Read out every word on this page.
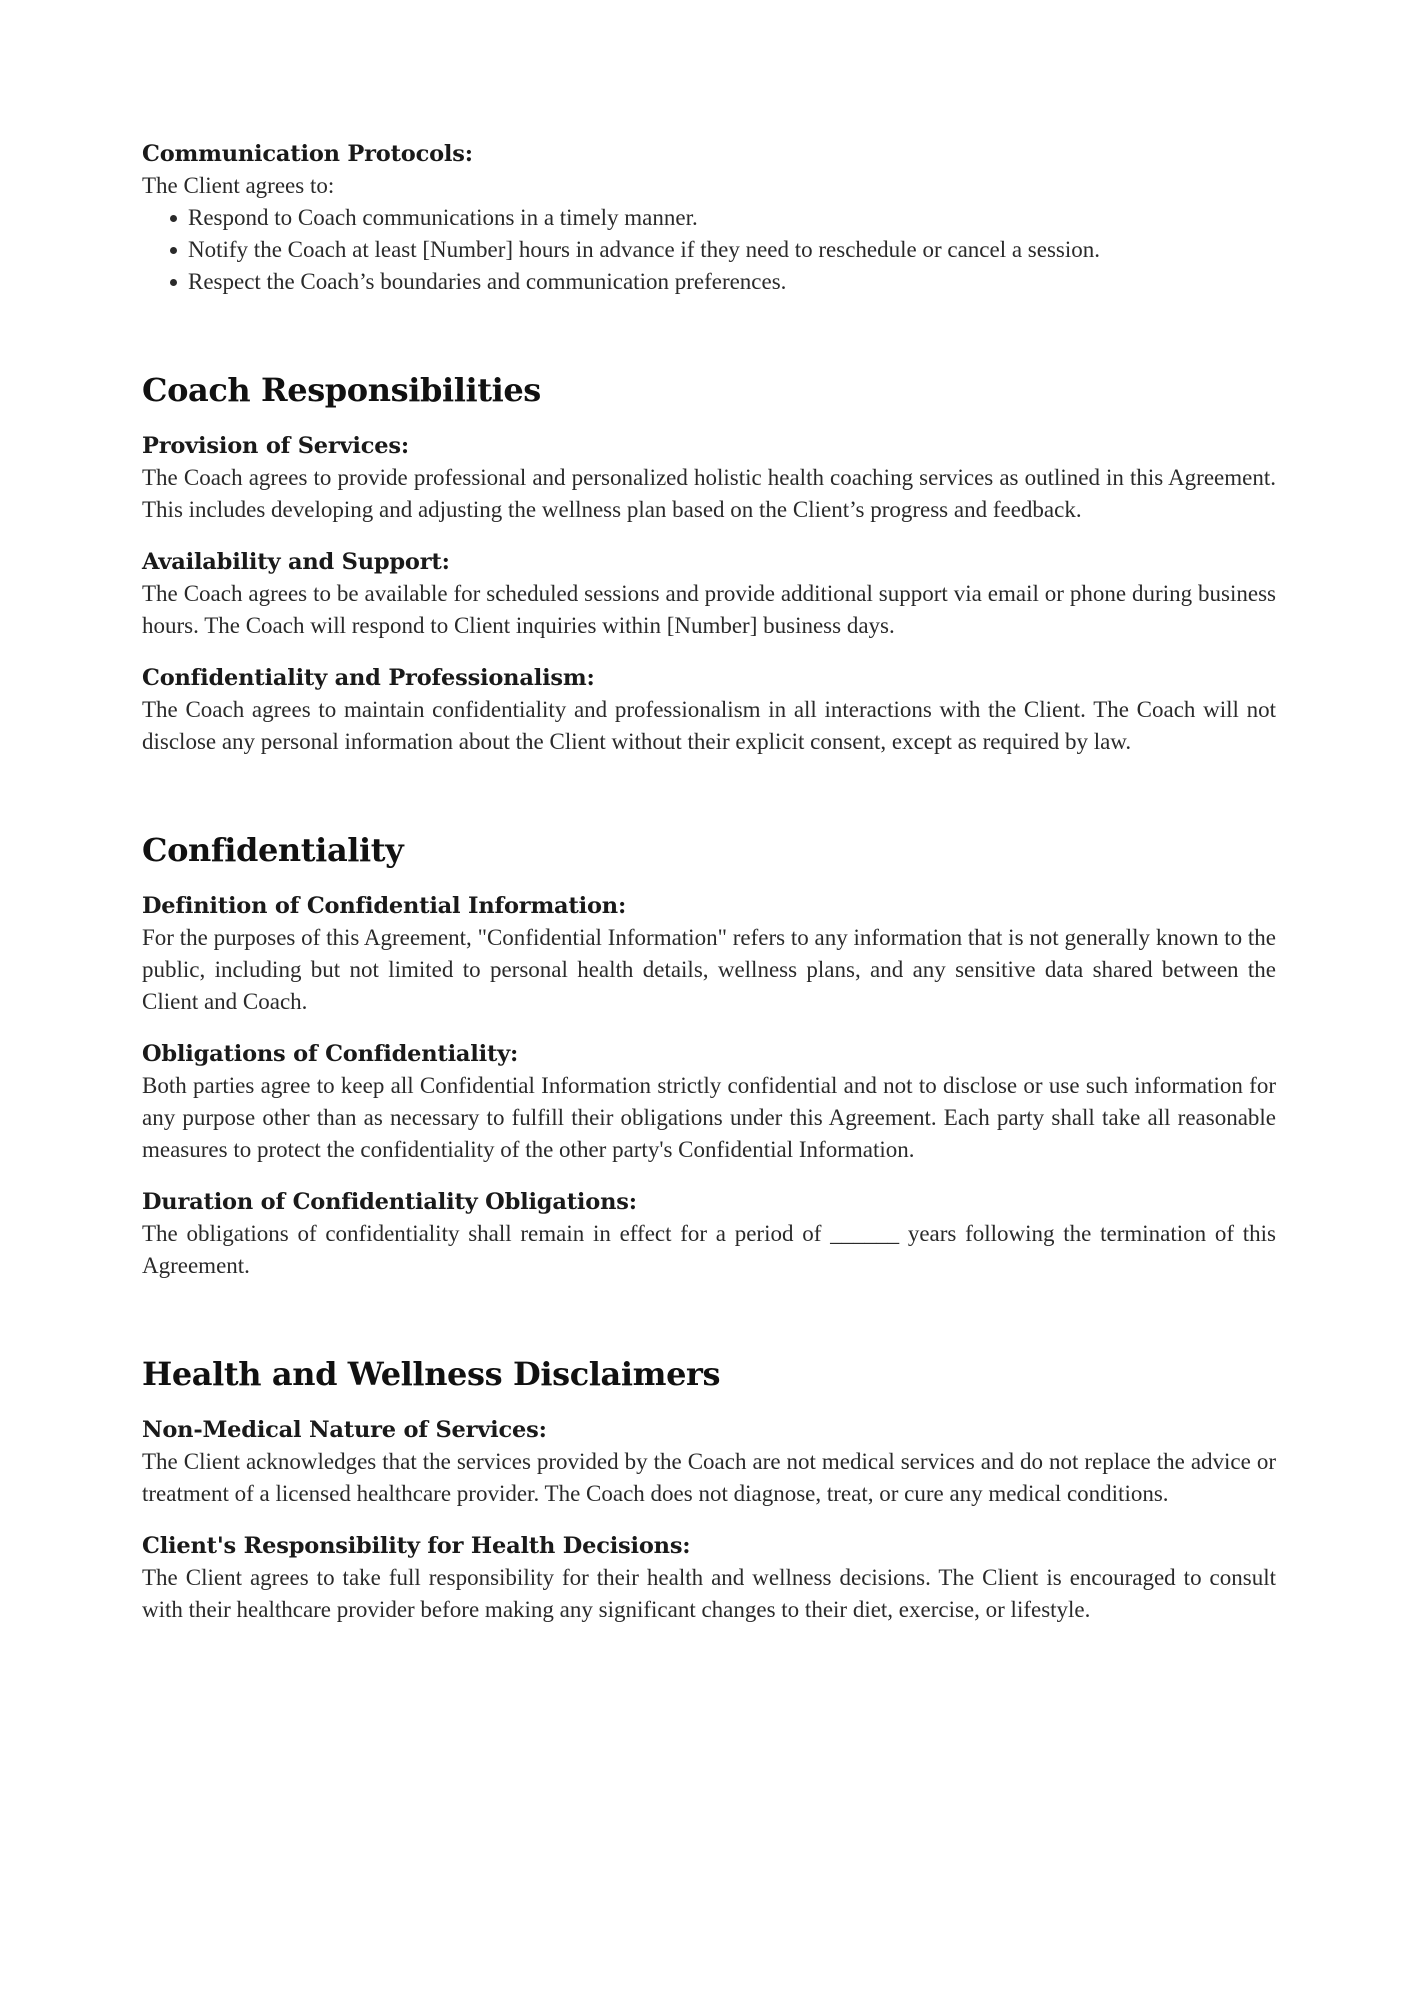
Communication Protocols:

The Client agrees to:

Respond to Coach communications in a timely manner.
Notify the Coach at least [Number] hours in advance if they need to reschedule or cancel a session.
Respect the Coach’s boundaries and communication preferences.
Coach Responsibilities

Provision of Services:

The Coach agrees to provide professional and personalized holistic health coaching services as outlined in this Agreement. This includes developing and adjusting the wellness plan based on the Client’s progress and feedback.

Availability and Support:

The Coach agrees to be available for scheduled sessions and provide additional support via email or phone during business hours. The Coach will respond to Client inquiries within [Number] business days.

Confidentiality and Professionalism:

The Coach agrees to maintain confidentiality and professionalism in all interactions with the Client. The Coach will not disclose any personal information about the Client without their explicit consent, except as required by law.

Confidentiality

Definition of Confidential Information:

For the purposes of this Agreement, "Confidential Information" refers to any information that is not generally known to the public, including but not limited to personal health details, wellness plans, and any sensitive data shared between the Client and Coach.

Obligations of Confidentiality:

Both parties agree to keep all Confidential Information strictly confidential and not to disclose or use such information for any purpose other than as necessary to fulfill their obligations under this Agreement. Each party shall take all reasonable measures to protect the confidentiality of the other party's Confidential Information.

Duration of Confidentiality Obligations:

The obligations of confidentiality shall remain in effect for a period of ______ years following the termination of this Agreement.

Health and Wellness Disclaimers

Non-Medical Nature of Services:

The Client acknowledges that the services provided by the Coach are not medical services and do not replace the advice or treatment of a licensed healthcare provider. The Coach does not diagnose, treat, or cure any medical conditions.

Client's Responsibility for Health Decisions:

The Client agrees to take full responsibility for their health and wellness decisions. The Client is encouraged to consult with their healthcare provider before making any significant changes to their diet, exercise, or lifestyle.
